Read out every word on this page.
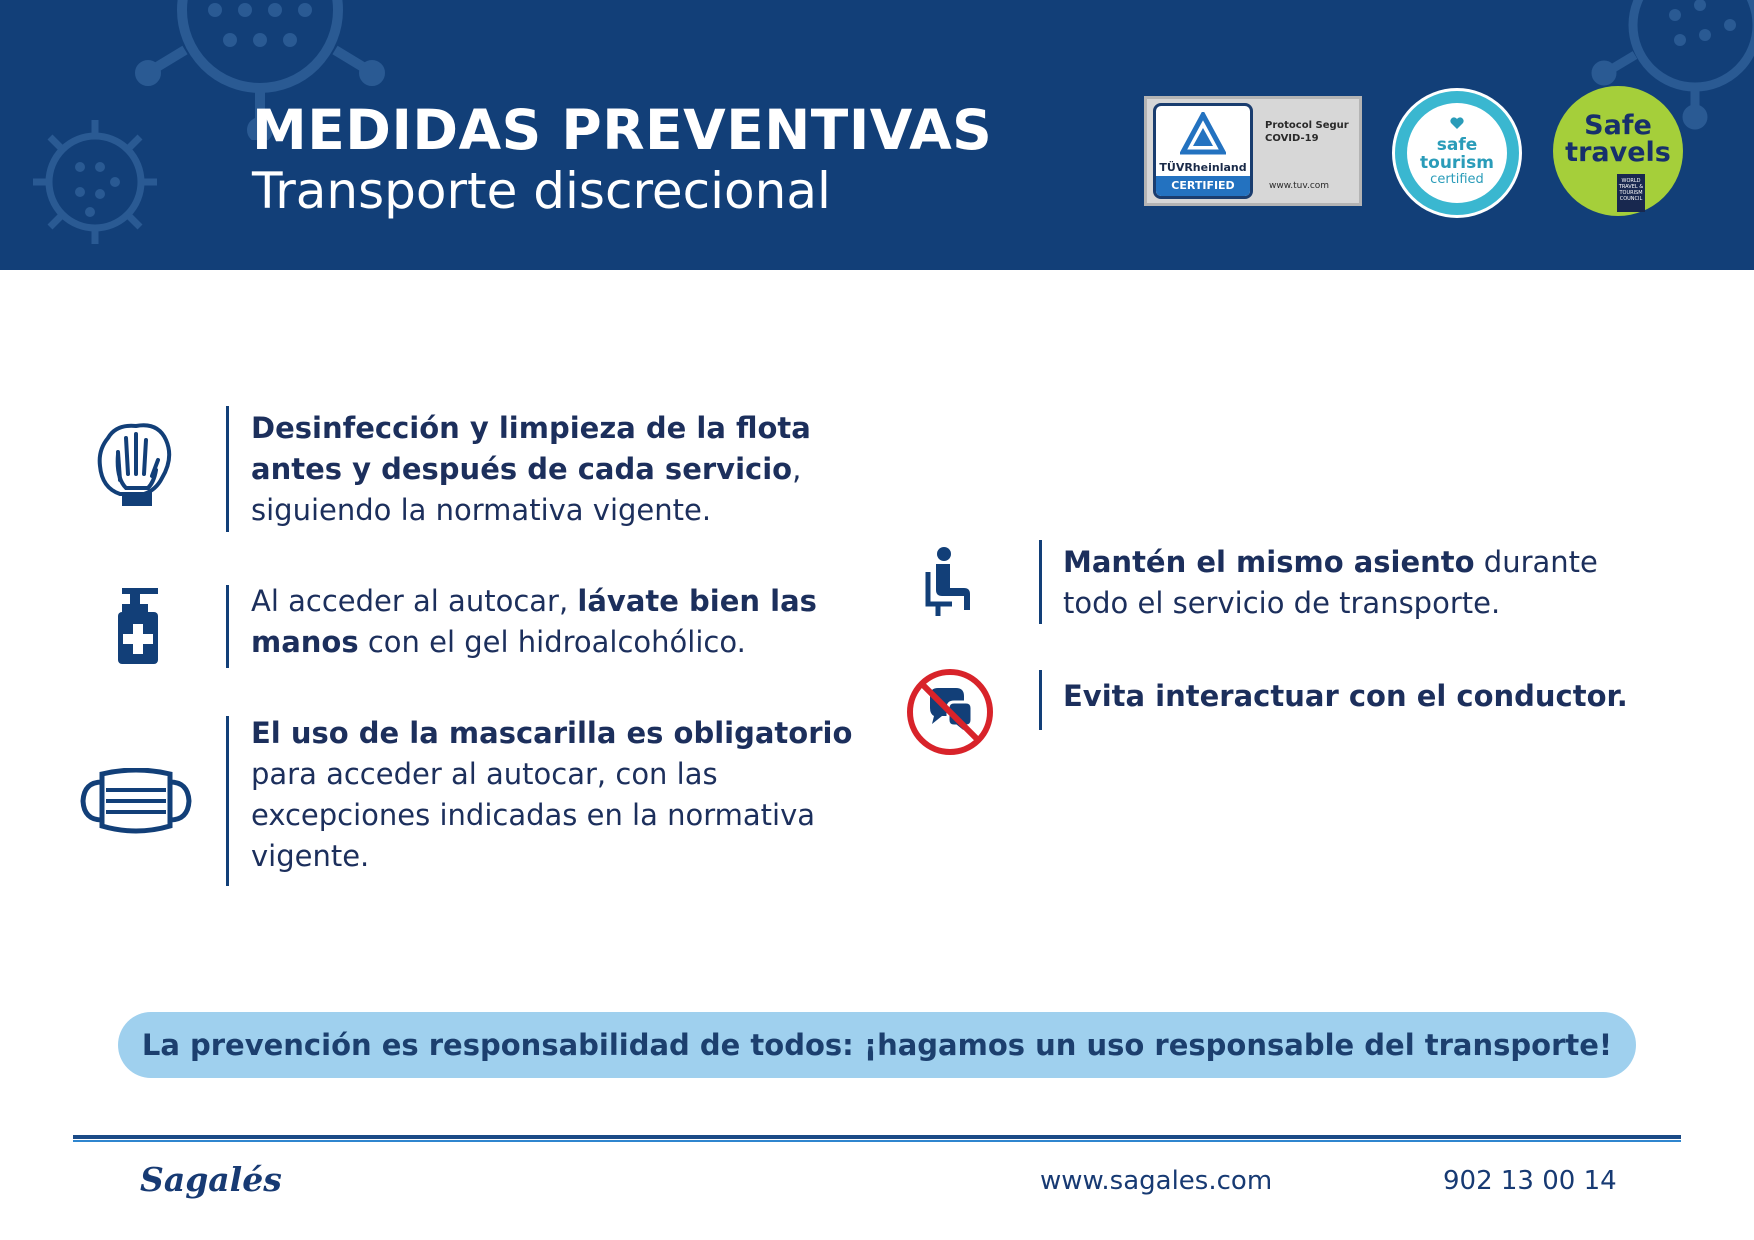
MEDIDAS PREVENTIVAS
Transporte discrecional	TÜVRheinland
CERTIFIED
Protocol Segur
COVID-19
www.tuv.com
safe
tourism
certified
Safe
travels
WORLD
TRAVEL &
TOURISM
COUNCIL
Desinfección y limpieza de la flota antes y después de cada servicio, siguiendo la normativa vigente.
Al acceder al autocar, lávate bien las manos con el gel hidroalcohólico.
El uso de la mascarilla es obligatorio para acceder al autocar, con las excepciones indicadas en la normativa vigente.
Mantén el mismo asiento durante todo el servicio de transporte.
Evita interactuar con el conductor.
La prevención es responsabilidad de todos: ¡hagamos un uso responsable del transporte!
Sagalés	www.sagales.com	902 13 00 14
